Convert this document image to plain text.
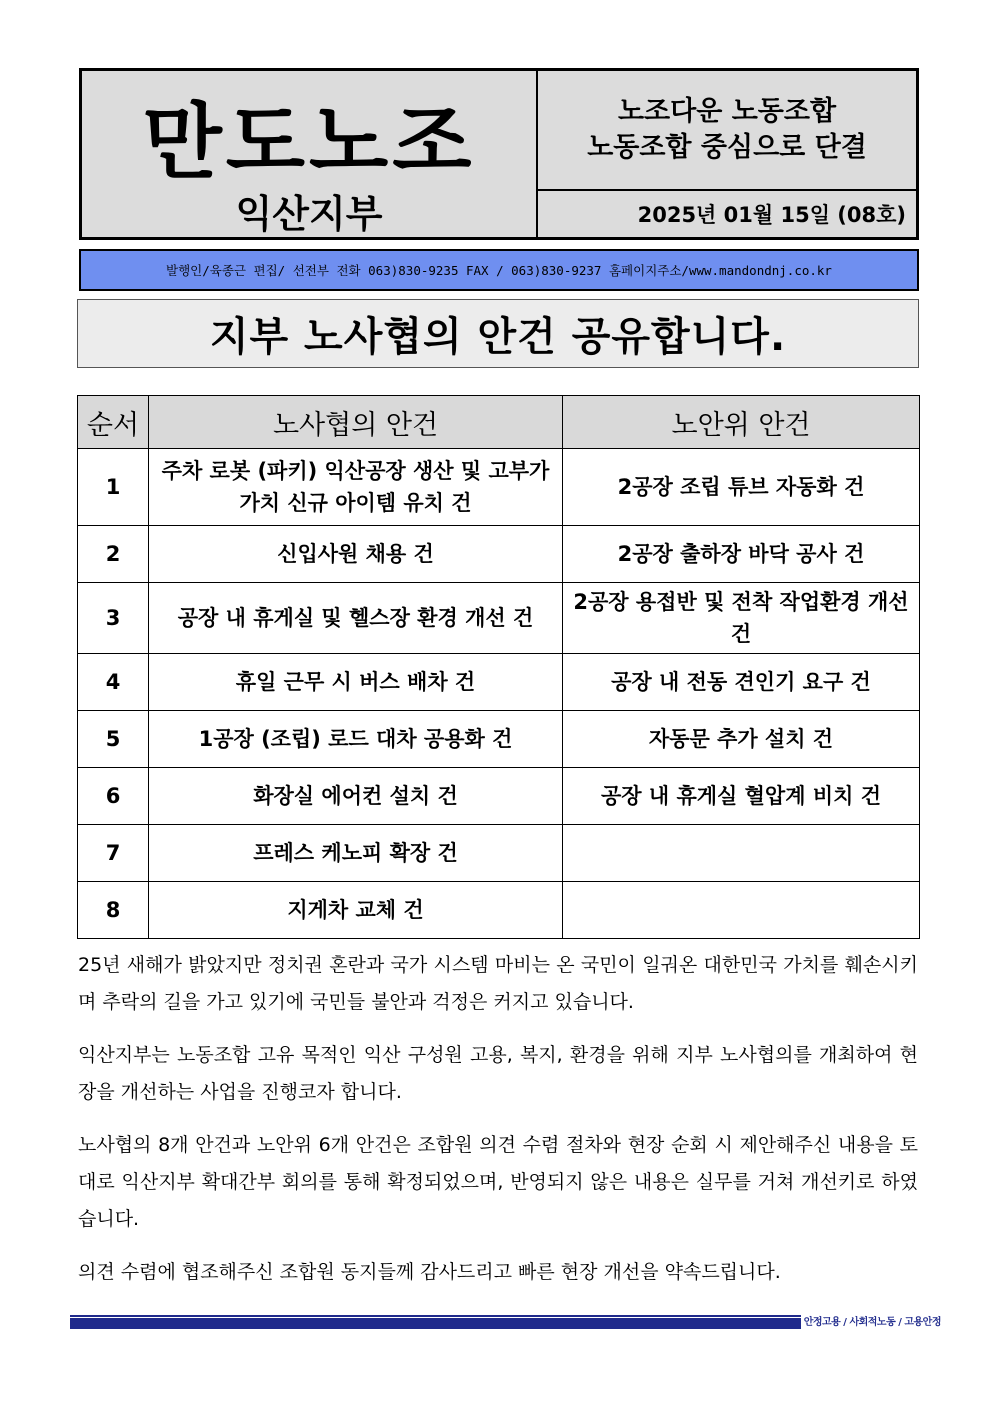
만도노조
익산지부
노조다운 노동조합
노동조합 중심으로 단결
2025년 01월 15일 (08호)
발행인/육종근 편집/ 선전부 전화 063)830-9235 FAX / 063)830-9237 홈페이지주소/www.mandondnj.co.kr
지부 노사협의 안건 공유합니다.
순서	노사협의 안건	노안위 안건
1	주차 로봇 (파키) 익산공장 생산 및 고부가 가치 신규 아이템 유치 건	2공장 조립 튜브 자동화 건
2	신입사원 채용 건	2공장 출하장 바닥 공사 건
3	공장 내 휴게실 및 헬스장 환경 개선 건	2공장 용접반 및 전착 작업환경 개선 건
4	휴일 근무 시 버스 배차 건	공장 내 전동 견인기 요구 건
5	1공장 (조립) 로드 대차 공용화 건	자동문 추가 설치 건
6	화장실 에어컨 설치 건	공장 내 휴게실 혈압계 비치 건
7	프레스 케노피 확장 건	
8	지게차 교체 건	

25년 새해가 밝았지만 정치권 혼란과 국가 시스템 마비는 온 국민이 일궈온 대한민국 가치를 훼손시키며 추락의 길을 가고 있기에 국민들 불안과 걱정은 커지고 있습니다.

익산지부는 노동조합 고유 목적인 익산 구성원 고용, 복지, 환경을 위해 지부 노사협의를 개최하여 현장을 개선하는 사업을 진행코자 합니다.

노사협의 8개 안건과 노안위 6개 안건은 조합원 의견 수렴 절차와 현장 순회 시 제안해주신 내용을 토대로 익산지부 확대간부 회의를 통해 확정되었으며, 반영되지 않은 내용은 실무를 거쳐 개선키로 하였습니다.

의견 수렴에 협조해주신 조합원 동지들께 감사드리고 빠른 현장 개선을 약속드립니다.

안정고용 / 사회적노동 / 고용안정
